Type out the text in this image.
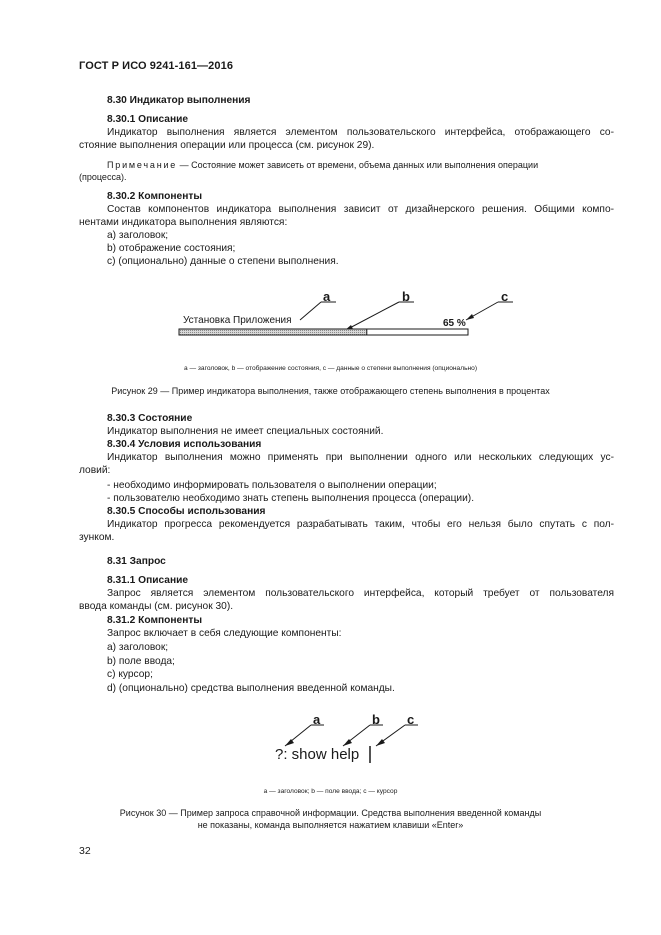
ГОСТ Р ИСО 9241-161—2016
8.30 Индикатор выполнения
8.30.1 Описание
Индикатор выполнения является элементом пользовательского интерфейса, отображающего со-
стояние выполнения операции или процесса (см. рисунок 29).
Примечание — Состояние может зависеть от времени, объема данных или выполнения операции
(процесса).
8.30.2 Компоненты
Состав компонентов индикатора выполнения зависит от дизайнерского решения. Общими компо-
нентами индикатора выполнения являются:
а) заголовок;
b) отображение состояния;
с) (опционально) данные о степени выполнения.
a	b	c
Установка Приложения	65 %
а — заголовок, b — отображение состояния, с — данные о степени выполнения (опционально)
Рисунок 29 — Пример индикатора выполнения, также отображающего степень выполнения в процентах
8.30.3 Состояние
Индикатор выполнения не имеет специальных состояний.
8.30.4 Условия использования
Индикатор выполнения можно применять при выполнении одного или нескольких следующих ус-
ловий:
- необходимо информировать пользователя о выполнении операции;
- пользователю необходимо знать степень выполнения процесса (операции).
8.30.5 Способы использования
Индикатор прогресса рекомендуется разрабатывать таким, чтобы его нельзя было спутать с пол-
зунком.
8.31 Запрос
8.31.1 Описание
Запрос является элементом пользовательского интерфейса, который требует от пользователя
ввода команды (см. рисунок 30).
8.31.2 Компоненты
Запрос включает в себя следующие компоненты:
а) заголовок;
b) поле ввода;
с) курсор;
d) (опционально) средства выполнения введенной команды.
a	b c
?: show help
а — заголовок; b — поле ввода; с — курсор
Рисунок 30 — Пример запроса справочной информации. Средства выполнения введенной команды
не показаны, команда выполняется нажатием клавиши «Enter»
32
